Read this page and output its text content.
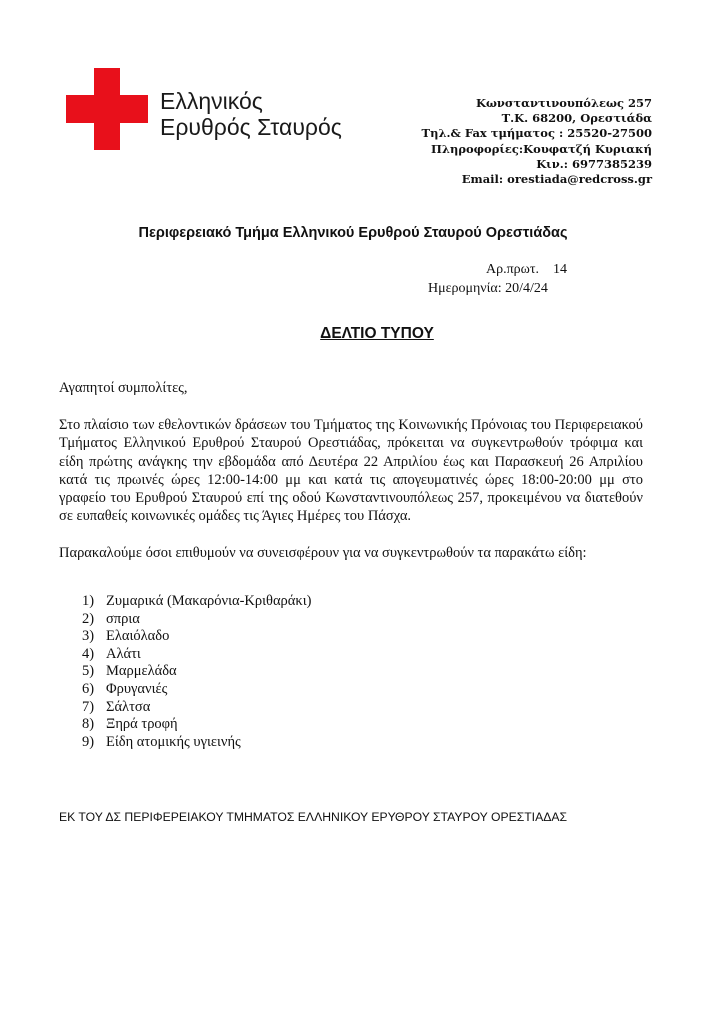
Ελληνικός
Ερυθρός Σταυρός
Κωνσταντινουπόλεως 257
Τ.Κ. 68200, Ορεστιάδα
Τηλ.& Fax τμήματος : 25520-27500
Πληροφορίες:Κουφατζή Κυριακή
Κιν.: 6977385239
Email: orestiada@redcross.gr
Περιφερειακό Τμήμα Ελληνικού Ερυθρού Σταυρού Ορεστιάδας
Αρ.πρωτ. 14
Ημερομηνία: 20/4/24
ΔΕΛΤΙΟ ΤΥΠΟΥ

Αγαπητοί συμπολίτες,

Στο πλαίσιο των εθελοντικών δράσεων του Τμήματος της Κοινωνικής Πρόνοιας του Περιφερειακού Τμήματος Ελληνικού Ερυθρού Σταυρού Ορεστιάδας, πρόκειται να συγκεντρωθούν τρόφιμα και είδη πρώτης ανάγκης την εβδομάδα από Δευτέρα 22 Απριλίου έως και Παρασκευή 26 Απριλίου κατά τις πρωινές ώρες 12:00-14:00 μμ και κατά τις απογευματινές ώρες 18:00-20:00 μμ στο γραφείο του Ερυθρού Σταυρού επί της οδού Κωνσταντινουπόλεως 257, προκειμένου να διατεθούν σε ευπαθείς κοινωνικές ομάδες τις Άγιες Ημέρες του Πάσχα.

Παρακαλούμε όσοι επιθυμούν να συνεισφέρουν για να συγκεντρωθούν τα παρακάτω είδη:

1) Ζυμαρικά (Μακαρόνια-Κριθαράκι)
2) σπρια
3) Ελαιόλαδο
4) Αλάτι
5) Μαρμελάδα
6) Φρυγανιές
7) Σάλτσα
8) Ξηρά τροφή
9) Είδη ατομικής υγιεινής

ΕΚ ΤΟΥ ΔΣ ΠΕΡΙΦΕΡΕΙΑΚΟΥ ΤΜΗΜΑΤΟΣ ΕΛΛΗΝΙΚΟΥ ΕΡΥΘΡΟΥ ΣΤΑΥΡΟΥ ΟΡΕΣΤΙΑΔΑΣ
